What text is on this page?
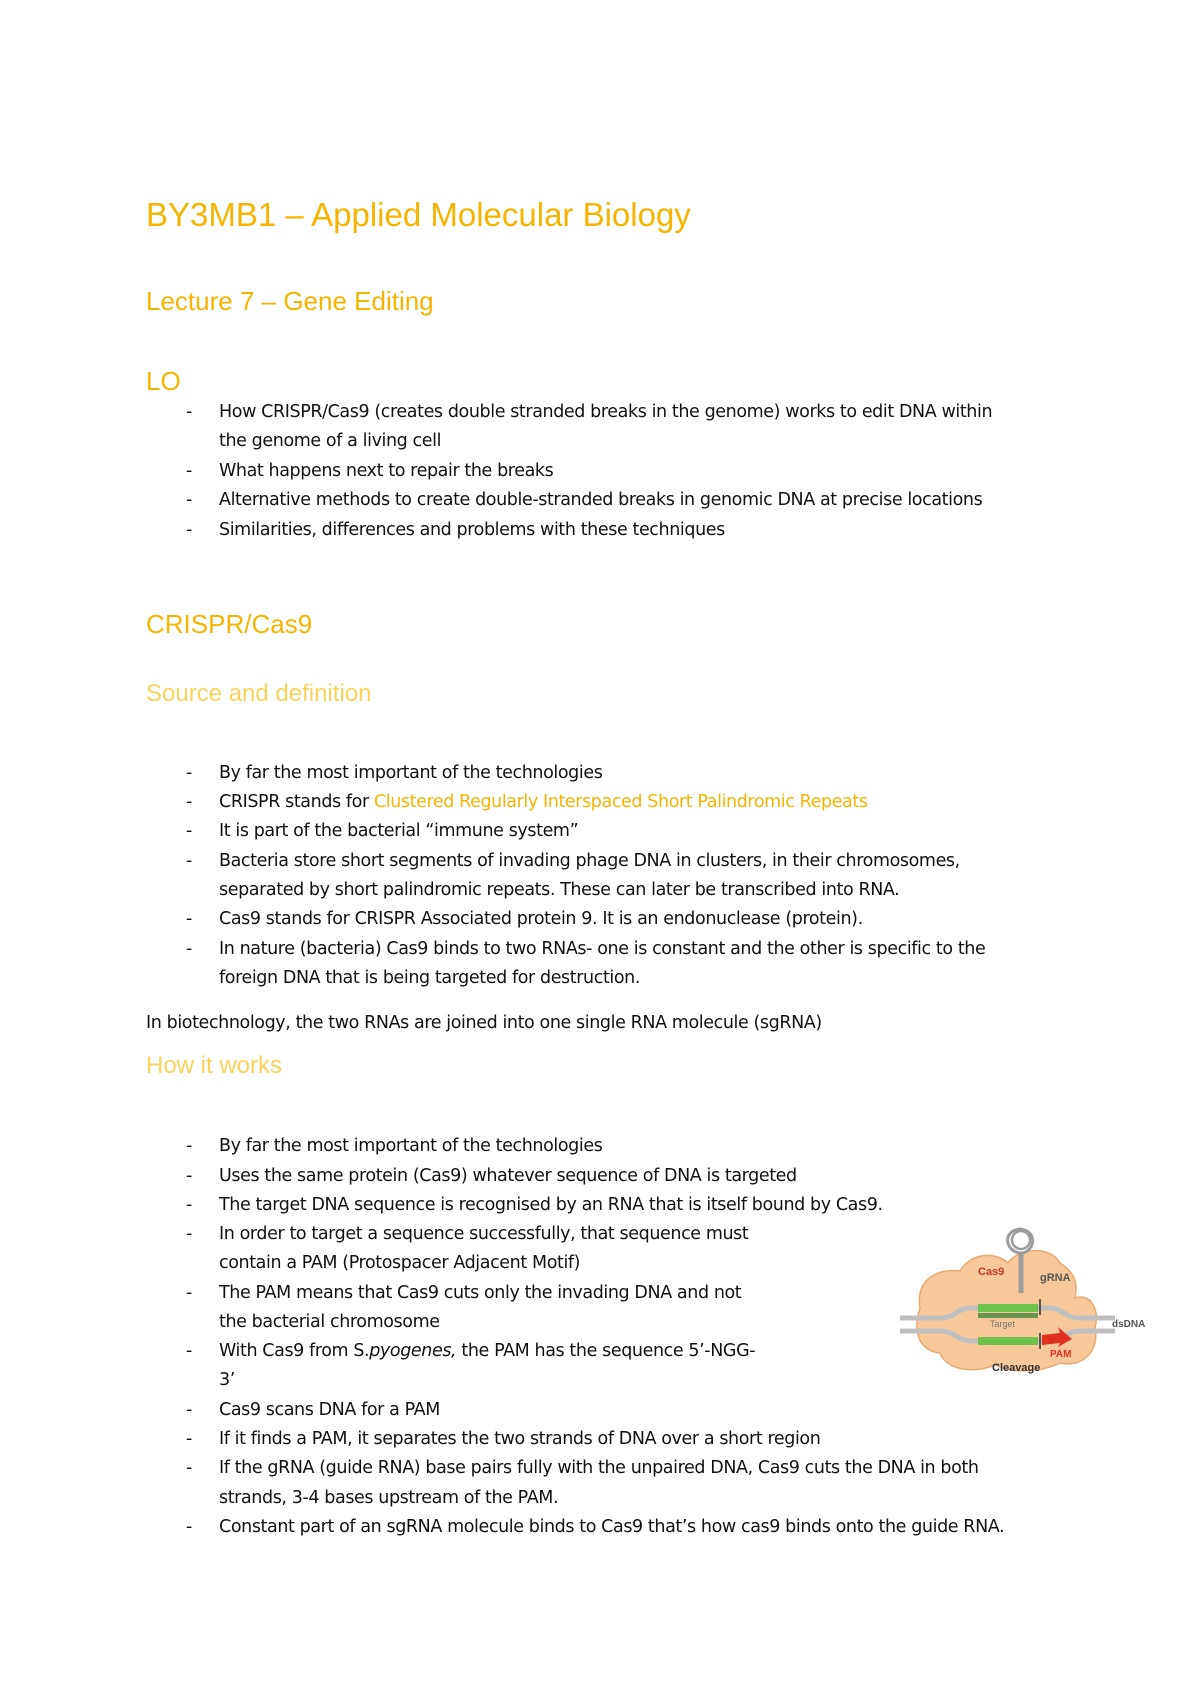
BY3MB1 – Applied Molecular Biology
Lecture 7 – Gene Editing
LO
- How CRISPR/Cas9 (creates double stranded breaks in the genome) works to edit DNA within
the genome of a living cell
- What happens next to repair the breaks
- Alternative methods to create double-stranded breaks in genomic DNA at precise locations
- Similarities, differences and problems with these techniques
CRISPR/Cas9
Source and definition
- By far the most important of the technologies
- CRISPR stands for Clustered Regularly Interspaced Short Palindromic Repeats
- It is part of the bacterial “immune system”
- Bacteria store short segments of invading phage DNA in clusters, in their chromosomes,
separated by short palindromic repeats. These can later be transcribed into RNA.
- Cas9 stands for CRISPR Associated protein 9. It is an endonuclease (protein).
- In nature (bacteria) Cas9 binds to two RNAs- one is constant and the other is specific to the
foreign DNA that is being targeted for destruction.
In biotechnology, the two RNAs are joined into one single RNA molecule (sgRNA)
How it works
- By far the most important of the technologies
- Uses the same protein (Cas9) whatever sequence of DNA is targeted
- The target DNA sequence is recognised by an RNA that is itself bound by Cas9.
- In order to target a sequence successfully, that sequence must
contain a PAM (Protospacer Adjacent Motif)
- The PAM means that Cas9 cuts only the invading DNA and not
the bacterial chromosome
- With Cas9 from S.pyogenes, the PAM has the sequence 5’-NGG-
3’
- Cas9 scans DNA for a PAM
- If it finds a PAM, it separates the two strands of DNA over a short region
- If the gRNA (guide RNA) base pairs fully with the unpaired DNA, Cas9 cuts the DNA in both
strands, 3-4 bases upstream of the PAM.
- Constant part of an sgRNA molecule binds to Cas9 that’s how cas9 binds onto the guide RNA.
Cas9	gRNA
dsDNA
Target
PAM
Cleavage
